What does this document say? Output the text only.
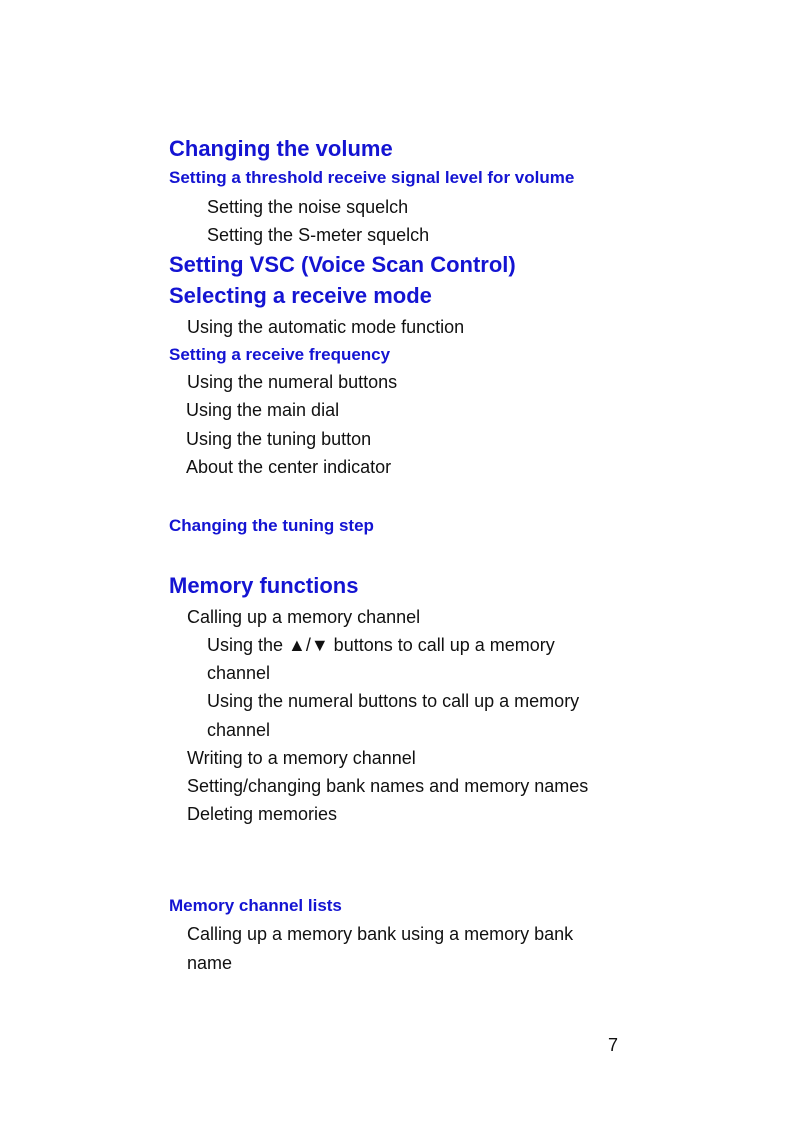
Changing the volume

Setting a threshold receive signal level for volume

Setting the noise squelch

Setting the S-meter squelch

Setting VSC (Voice Scan Control)

Selecting a receive mode

Using the automatic mode function

Setting a receive frequency

Using the numeral buttons

Using the main dial

Using the tuning button

About the center indicator

Changing the tuning step

Memory functions

Calling up a memory channel

Using the ▲/▼ buttons to call up a memory

channel

Using the numeral buttons to call up a memory

channel

Writing to a memory channel

Setting/changing bank names and memory names

Deleting memories

Memory channel lists

Calling up a memory bank using a memory bank

name

7
